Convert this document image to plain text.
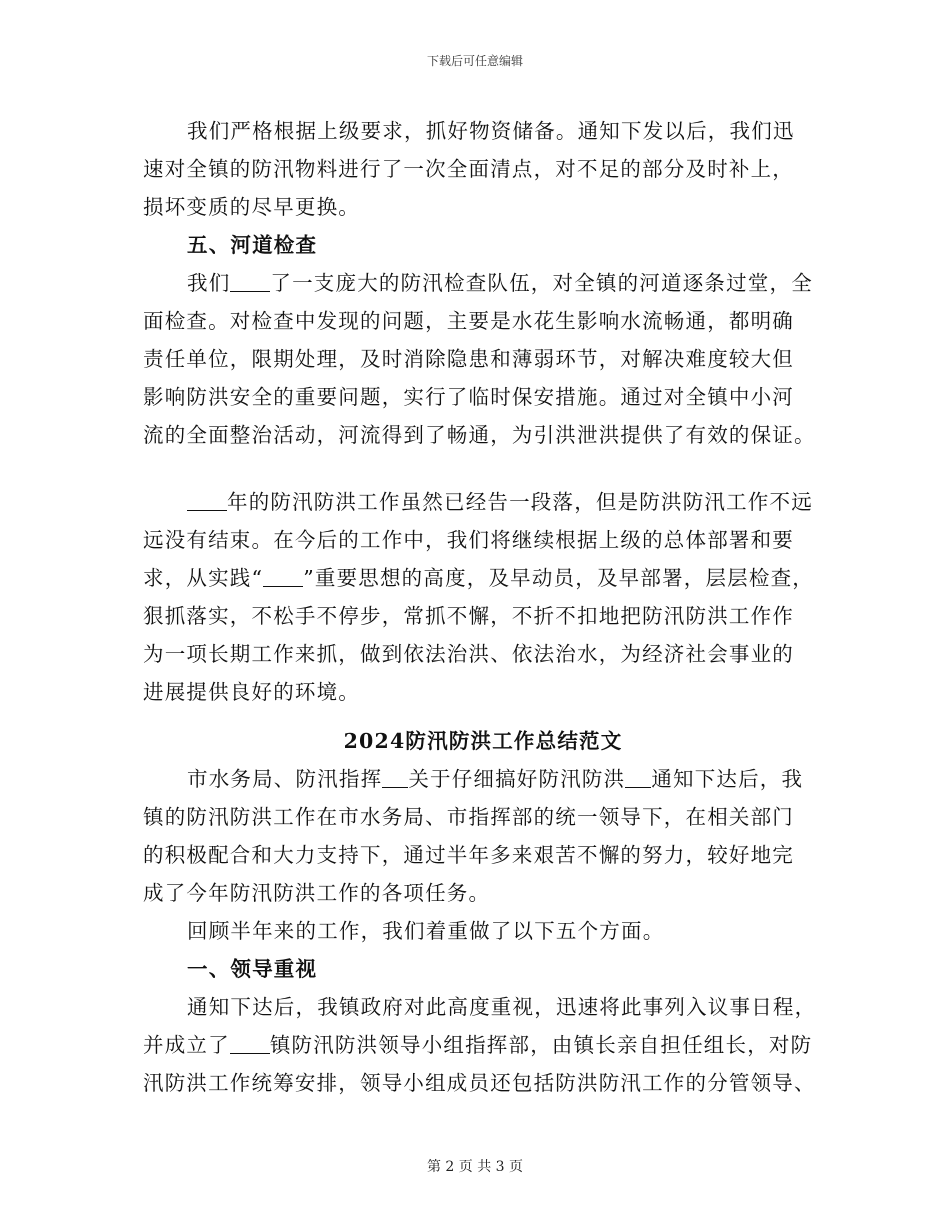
下载后可任意编辑
我们严格根据上级要求，抓好物资储备。通知下发以后，我们迅
速对全镇的防汛物料进行了一次全面清点，对不足的部分及时补上，
损坏变质的尽早更换。
五、河道检查
我们 了一支庞大的防汛检查队伍，对全镇的河道逐条过堂，全
面检查。对检查中发现的问题，主要是水花生影响水流畅通，都明确
责任单位，限期处理，及时消除隐患和薄弱环节，对解决难度较大但
影响防洪安全的重要问题，实行了临时保安措施。通过对全镇中小河
流的全面整治活动，河流得到了畅通，为引洪泄洪提供了有效的保证。
年的防汛防洪工作虽然已经告一段落，但是防洪防汛工作不远
远没有结束。在今后的工作中，我们将继续根据上级的总体部署和要
求，从实践“ ”重要思想的高度，及早动员，及早部署，层层检查，
狠抓落实，不松手不停步，常抓不懈，不折不扣地把防汛防洪工作作
为一项长期工作来抓，做到依法治洪、依法治水，为经济社会事业的
进展提供良好的环境。
2024防汛防洪工作总结范文
市水务局、防汛指挥 关于仔细搞好防汛防洪 通知下达后，我
镇的防汛防洪工作在市水务局、市指挥部的统一领导下，在相关部门
的积极配合和大力支持下，通过半年多来艰苦不懈的努力，较好地完
成了今年防汛防洪工作的各项任务。
回顾半年来的工作，我们着重做了以下五个方面。
一、领导重视
通知下达后，我镇政府对此高度重视，迅速将此事列入议事日程，
并成立了 镇防汛防洪领导小组指挥部，由镇长亲自担任组长，对防
汛防洪工作统筹安排，领导小组成员还包括防洪防汛工作的分管领导、
第 2 页 共 3 页
